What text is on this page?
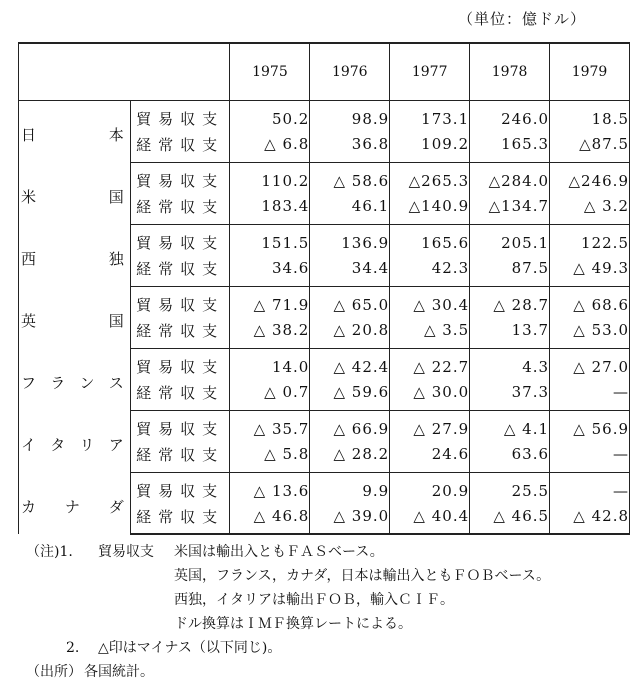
（単位：億ドル）
		1975	1976	1977	1978	1979

日 本	貿易収支	50.2	98.9	173.1	246.0	18.5
	経常収支	△ 6.8	36.8	109.2	165.3	△87.5

米 国	貿易収支	110.2	△ 58.6	△265.3	△284.0	△246.9
	経常収支	183.4	46.1	△140.9	△134.7	△ 3.2

西 独	貿易収支	151.5	136.9	165.6	205.1	122.5
	経常収支	34.6	34.4	42.3	87.5	△ 49.3

英 国	貿易収支	△ 71.9	△ 65.0	△ 30.4	△ 28.7	△ 68.6
	経常収支	△ 38.2	△ 20.8	△ 3.5	13.7	△ 53.0

フ ラ ン ス	貿易収支	14.0	△ 42.4	△ 22.7	4.3	△ 27.0
	経常収支	△ 0.7	△ 59.6	△ 30.0	37.3	—

イ タ リ ア	貿易収支	△ 35.7	△ 66.9	△ 27.9	△ 4.1	△ 56.9
	経常収支	△ 5.8	△ 28.2	24.6	63.6	—

カ ナ ダ	貿易収支	△ 13.6	9.9	20.9	25.5	—
	経常収支	△ 46.8	△ 39.0	△ 40.4	△ 46.5	△ 42.8
（注)1. 貿易収支 米国は輸出入ともＦＡＳベース。
英国，フランス，カナダ，日本は輸出入ともＦＯＢベース。
西独，イタリアは輸出ＦＯＢ，輸入ＣＩＦ。
ドル換算はＩＭＦ換算レートによる。
2. △印はマイナス（以下同じ)。
（出所） 各国統計。
